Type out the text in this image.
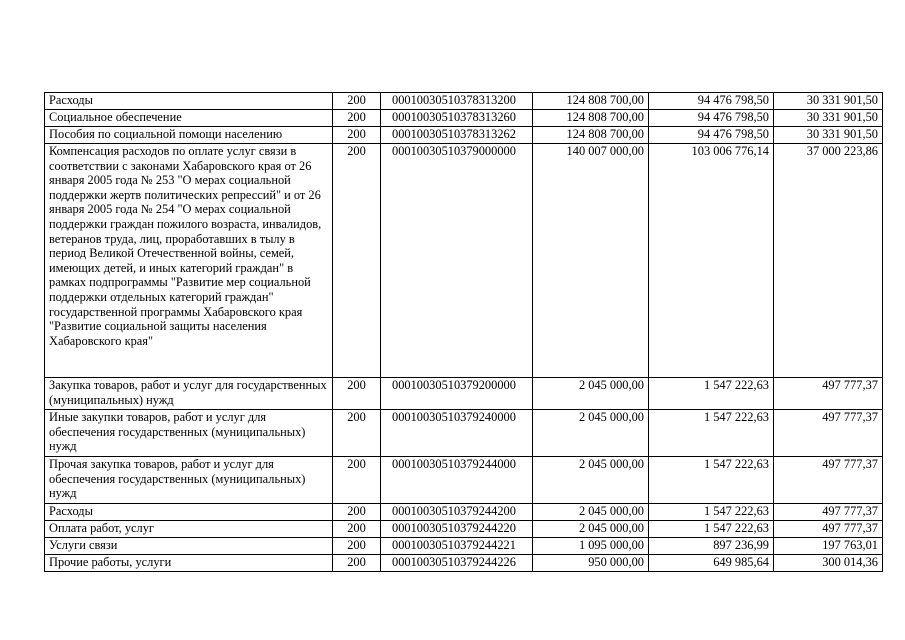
Расходы	200	00010030510378313200	124 808 700,00	94 476 798,50	30 331 901,50
Социальное обеспечение	200	00010030510378313260	124 808 700,00	94 476 798,50	30 331 901,50
Пособия по социальной помощи населению	200	00010030510378313262	124 808 700,00	94 476 798,50	30 331 901,50
Компенсация расходов по оплате услуг связи в соответствии с законами Хабаровского края от 26 января 2005 года № 253 "О мерах социальной поддержки жертв политических репрессий" и от 26 января 2005 года № 254 "О мерах социальной поддержки граждан пожилого возраста, инвалидов, ветеранов труда, лиц, проработавших в тылу в период Великой Отечественной войны, семей, имеющих детей, и иных категорий граждан" в рамках подпрограммы "Развитие мер социальной поддержки отдельных категорий граждан" государственной программы Хабаровского края "Развитие социальной защиты населения Хабаровского края"	200	00010030510379000000	140 007 000,00	103 006 776,14	37 000 223,86
Закупка товаров, работ и услуг для государственных (муниципальных) нужд	200	00010030510379200000	2 045 000,00	1 547 222,63	497 777,37
Иные закупки товаров, работ и услуг для обеспечения государственных (муниципальных) нужд	200	00010030510379240000	2 045 000,00	1 547 222,63	497 777,37
Прочая закупка товаров, работ и услуг для обеспечения государственных (муниципальных) нужд	200	00010030510379244000	2 045 000,00	1 547 222,63	497 777,37
Расходы	200	00010030510379244200	2 045 000,00	1 547 222,63	497 777,37
Оплата работ, услуг	200	00010030510379244220	2 045 000,00	1 547 222,63	497 777,37
Услуги связи	200	00010030510379244221	1 095 000,00	897 236,99	197 763,01
Прочие работы, услуги	200	00010030510379244226	950 000,00	649 985,64	300 014,36
